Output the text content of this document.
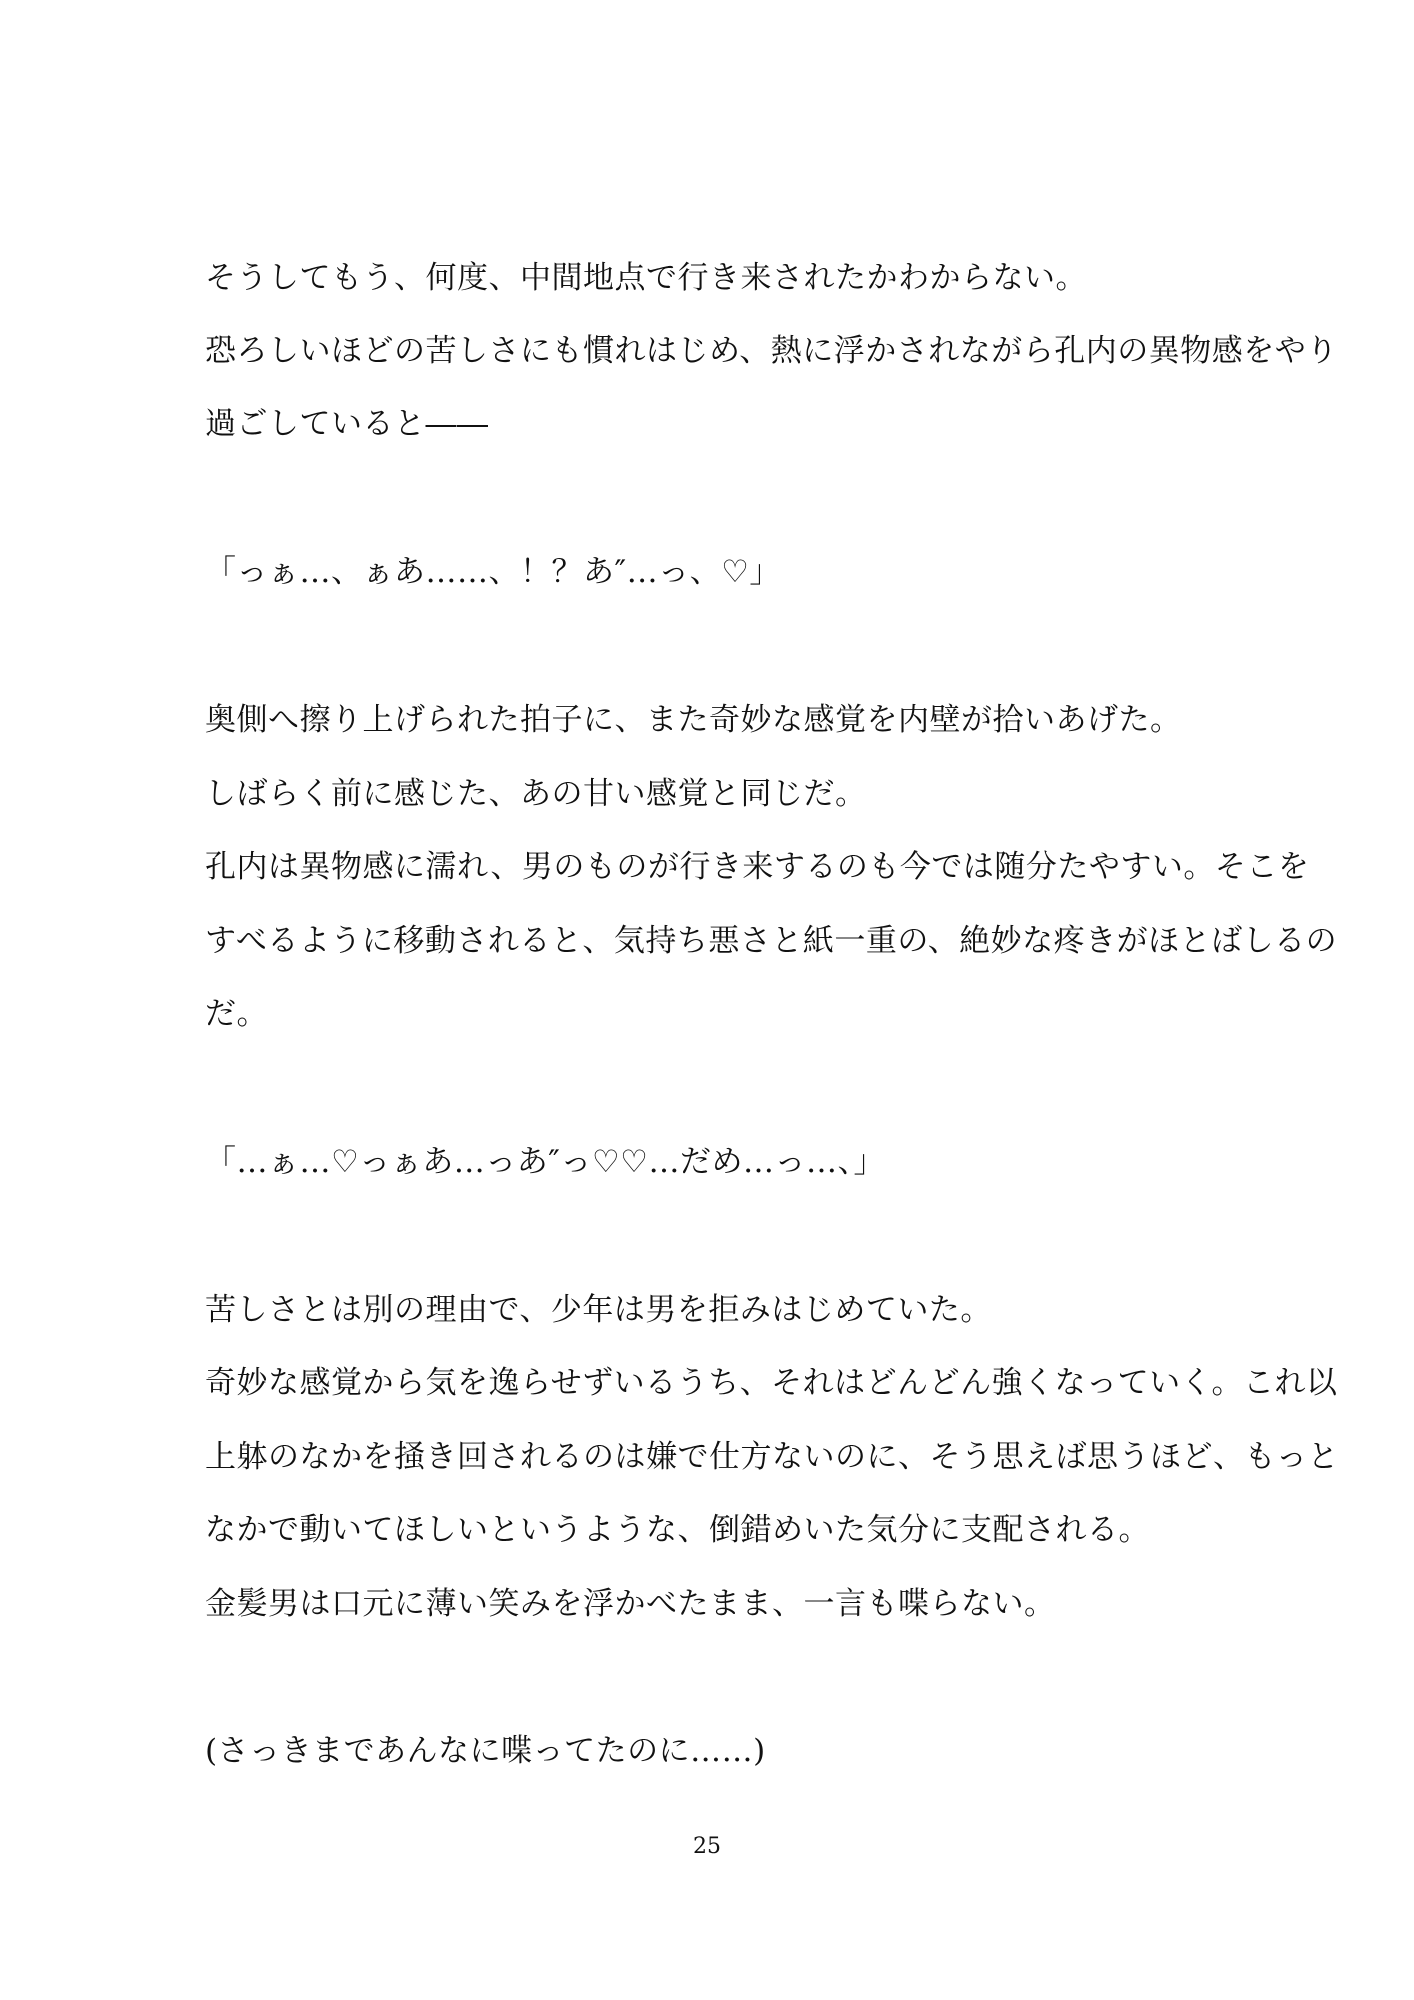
そうしてもう、何度、中間地点で行き来されたかわからない。
恐ろしいほどの苦しさにも慣れはじめ、熱に浮かされながら孔内の異物感をやり
過ごしていると――
「っぁ…、ぁあ……、！？あ″…っ、♡」
奥側へ擦り上げられた拍子に、また奇妙な感覚を内壁が拾いあげた。
しばらく前に感じた、あの甘い感覚と同じだ。
孔内は異物感に濡れ、男のものが行き来するのも今では随分たやすい。そこを
すべるように移動されると、気持ち悪さと紙一重の、絶妙な疼きがほとばしるの
だ。
「…ぁ…♡っぁあ…っあ″っ♡♡…だめ…っ…、」
苦しさとは別の理由で、少年は男を拒みはじめていた。
奇妙な感覚から気を逸らせずいるうち、それはどんどん強くなっていく。これ以
上躰のなかを掻き回されるのは嫌で仕方ないのに、そう思えば思うほど、もっと
なかで動いてほしいというような、倒錯めいた気分に支配される。
金髪男は口元に薄い笑みを浮かべたまま、一言も喋らない。
(さっきまであんなに喋ってたのに……)
25
